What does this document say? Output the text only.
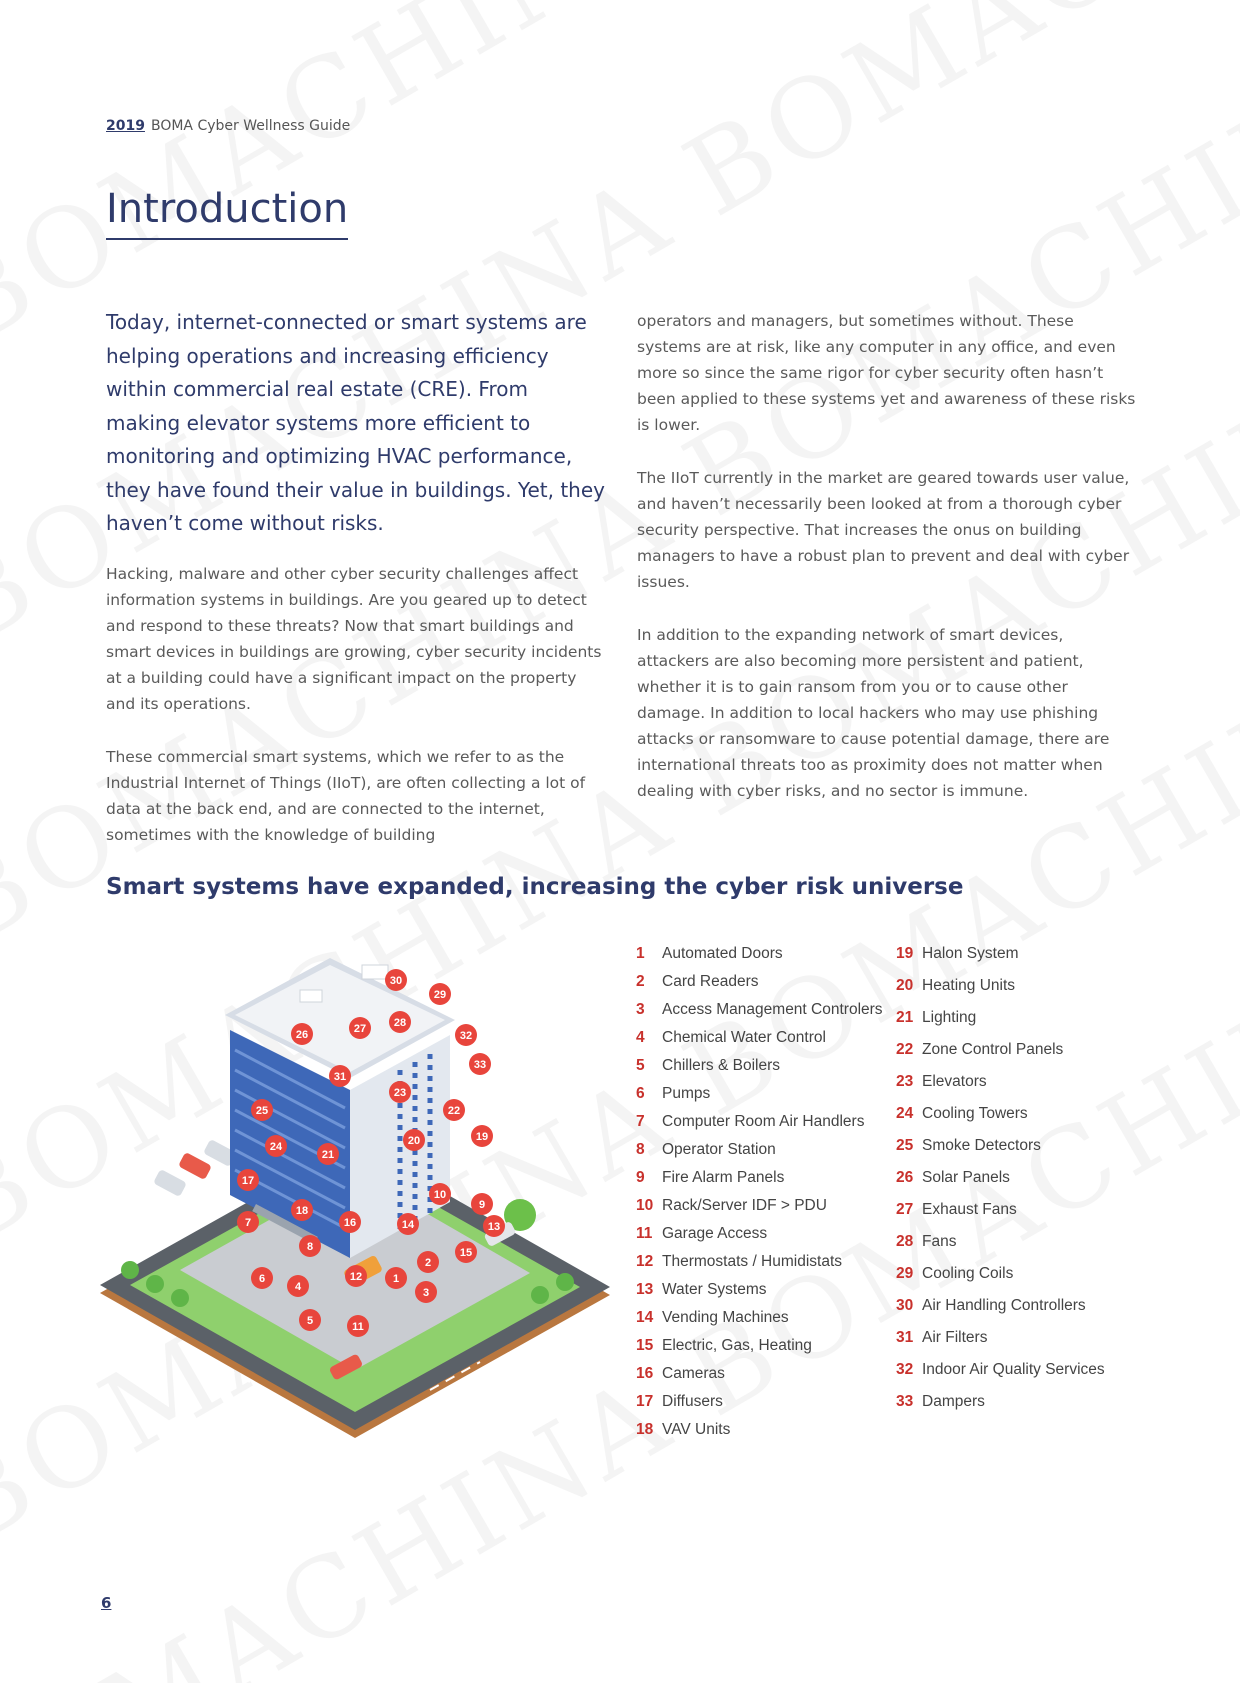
2019 BOMA Cyber Wellness Guide
Introduction

Today, internet-connected or smart systems are helping operations and increasing efficiency within commercial real estate (CRE). From making elevator systems more efficient to monitoring and optimizing HVAC performance, they have found their value in buildings. Yet, they haven’t come without risks.

Hacking, malware and other cyber security challenges affect information systems in buildings. Are you geared up to detect and respond to these threats? Now that smart buildings and smart devices in buildings are growing, cyber security incidents at a building could have a significant impact on the property and its operations.

These commercial smart systems, which we refer to as the Industrial Internet of Things (IIoT), are often collecting a lot of data at the back end, and are connected to the internet, sometimes with the knowledge of building

operators and managers, but sometimes without. These systems are at risk, like any computer in any office, and even more so since the same rigor for cyber security often hasn’t been applied to these systems yet and awareness of these risks is lower.

The IIoT currently in the market are geared towards user value, and haven’t necessarily been looked at from a thorough cyber security perspective. That increases the onus on building managers to have a robust plan to prevent and deal with cyber issues.

In addition to the expanding network of smart devices, attackers are also becoming more persistent and patient, whether it is to gain ransom from you or to cause other damage. In addition to local hackers who may use phishing attacks or ransomware to cause potential damage, there are international threats too as proximity does not matter when dealing with cyber risks, and no sector is immune.

Smart systems have expanded, increasing the cyber risk universe
1
2
3
4
5
6
7
8
9
10
11
12
13
14
15
16
17
18
19
20
21
22
23
24
25
26	27	28
29
30
31
32
33
1	Automated Doors
2	Card Readers
3	Access Management Controlers
4	Chemical Water Control
5	Chillers & Boilers
6	Pumps
7	Computer Room Air Handlers
8	Operator Station
9	Fire Alarm Panels
10 Rack/Server IDF > PDU
11 Garage Access
12 Thermostats / Humidistats
13 Water Systems
14 Vending Machines
15 Electric, Gas, Heating
16 Cameras
17 Diffusers
18 VAV Units
19 Halon System
20 Heating Units
21 Lighting
22 Zone Control Panels
23 Elevators
24 Cooling Towers
25 Smoke Detectors
26 Solar Panels
27 Exhaust Fans
28 Fans
29 Cooling Coils
30 Air Handling Controllers
31 Air Filters
32 Indoor Air Quality Services
33 Dampers
6
